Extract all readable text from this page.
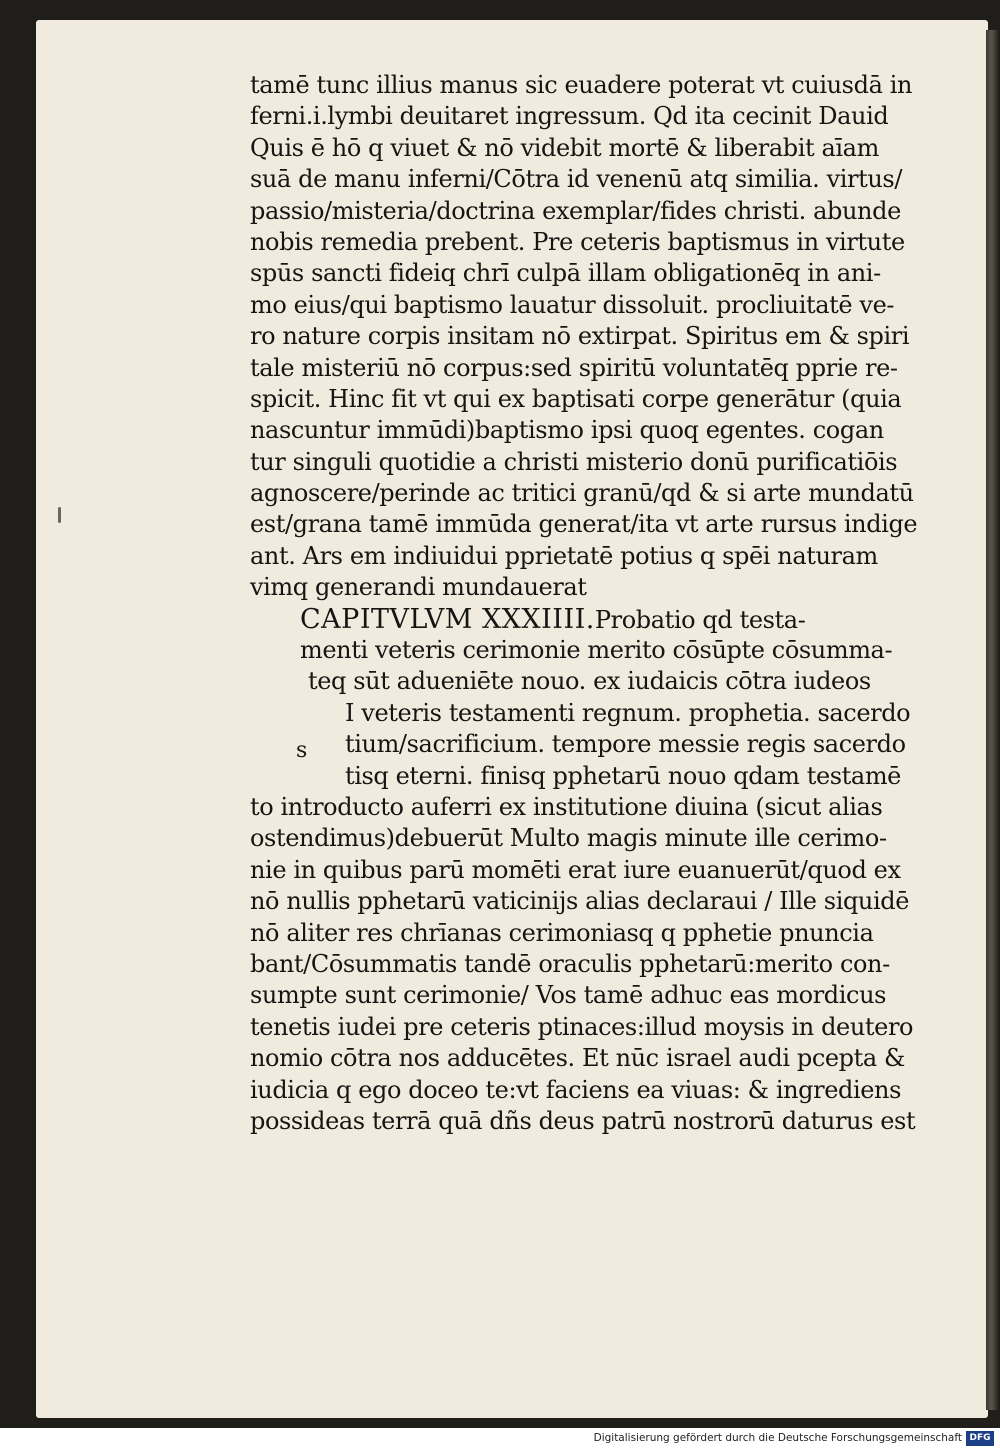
tamē tunc illius manus sic euadere poterat vt cuiusdā in
ferni.i.lymbi deuitaret ingressum. Qd ita cecinit Dauid
Quis ē hō q viuet & nō videbit mortē & liberabit aīam
suā de manu inferni/Cōtra id venenū atq similia. virtus/
passio/misteria/doctrina exemplar/fides christi. abunde
nobis remedia prebent. Pre ceteris baptismus in virtute
spūs sancti fideiq chrī culpā illam obligationēq in ani-
mo eius/qui baptismo lauatur dissoluit. procliuitatē ve-
ro nature corpis insitam nō extirpat. Spiritus em & spiri
tale misteriū nō corpus:sed spiritū voluntatēq pprie re-
spicit. Hinc fit vt qui ex baptisati corpe generātur (quia
nascuntur immūdi)baptismo ipsi quoq egentes. cogan
tur singuli quotidie a christi misterio donū purificatiōis
agnoscere/perinde ac tritici granū/qd & si arte mundatū
est/grana tamē immūda generat/ita vt arte rursus indige
ant. Ars em indiuidui pprietatē potius q spēi naturam
vimq generandi mundauerat
CAPITVLVM XXXIIII.Probatio qd testa-
menti veteris cerimonie merito cōsūpte cōsumma-
teq sūt adueniēte nouo. ex iudaicis cōtra iudeos
I veteris testamenti regnum. prophetia. sacerdo
tium/sacrificium. tempore messie regis sacerdo
tisq eterni. finisq pphetarū nouo qdam testamē
to introducto auferri ex institutione diuina (sicut alias
ostendimus)debuerūt Multo magis minute ille cerimo-
nie in quibus parū momēti erat iure euanuerūt/quod ex
nō nullis pphetarū vaticinijs alias declaraui / Ille siquidē
nō aliter res chrīanas cerimoniasq q pphetie pnuncia
bant/Cōsummatis tandē oraculis pphetarū:merito con-
sumpte sunt cerimonie/ Vos tamē adhuc eas mordicus
tenetis iudei pre ceteris ptinaces:illud moysis in deutero
nomio cōtra nos adducētes. Et nūc israel audi pcepta &
iudicia q ego doceo te:vt faciens ea viuas: & ingrediens
possideas terrā quā dñs deus patrū nostrorū daturus est
s
Digitalisierung gefördert durch die Deutsche Forschungsgemeinschaft DFG
